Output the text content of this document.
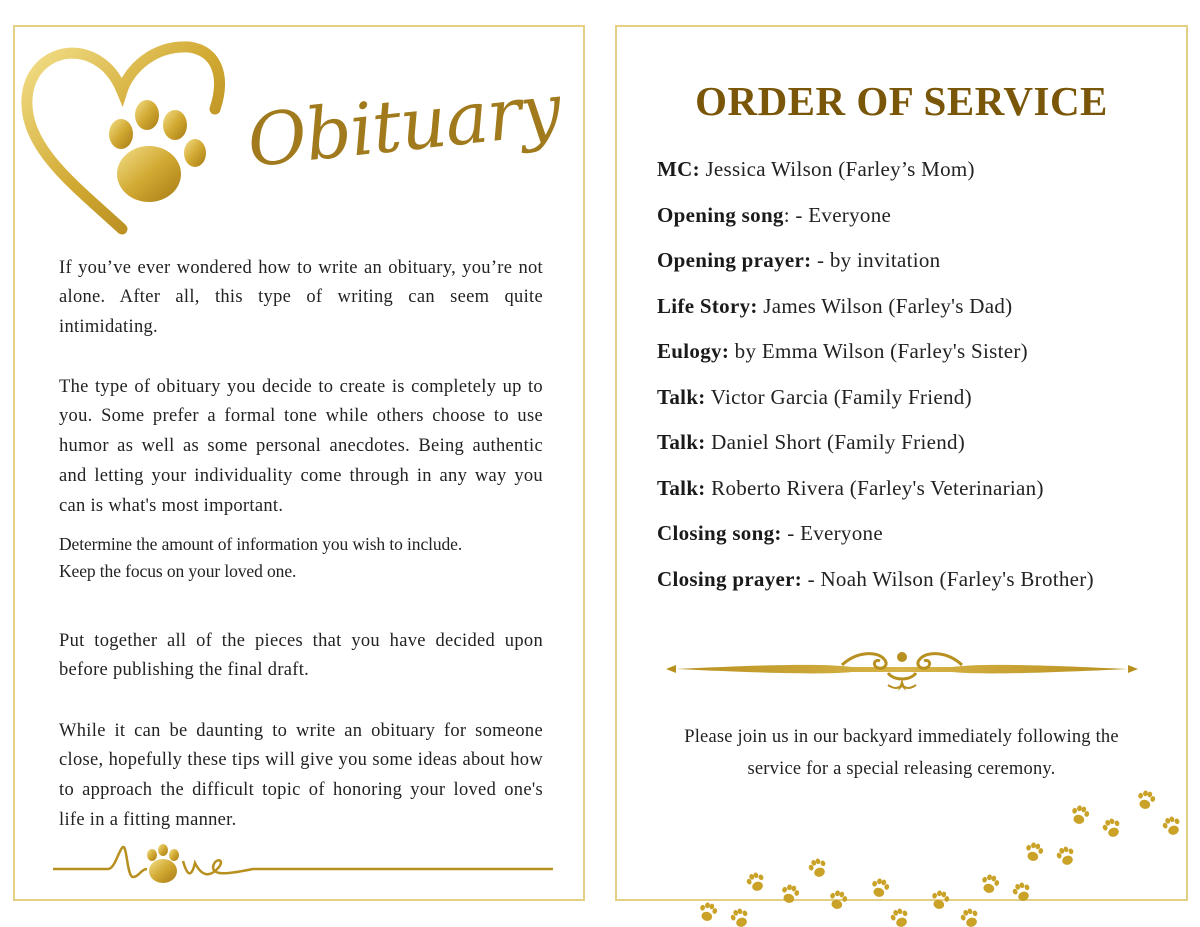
Obituary

If you’ve ever wondered how to write an obituary, you’re not alone. After all, this type of writing can seem quite intimidating.

The type of obituary you decide to create is completely up to you. Some prefer a formal tone while others choose to use humor as well as some personal anecdotes. Being authentic and letting your individuality come through in any way you can is what's most important.

Determine the amount of information you wish to include.
Keep the focus on your loved one.

Put together all of the pieces that you have decided upon before publishing the final draft.

While it can be daunting to write an obituary for someone close, hopefully these tips will give you some ideas about how to approach the difficult topic of honoring your loved one's life in a fitting manner.

ORDER OF SERVICE
MC: Jessica Wilson (Farley’s Mom)
Opening song: - Everyone
Opening prayer: - by invitation
Life Story: James Wilson (Farley's Dad)
Eulogy: by Emma Wilson (Farley's Sister)
Talk: Victor Garcia (Family Friend)
Talk: Daniel Short (Family Friend)
Talk: Roberto Rivera (Farley's Veterinarian)
Closing song: - Everyone
Closing prayer: - Noah Wilson (Farley's Brother)
Please join us in our backyard immediately following the
service for a special releasing ceremony.
